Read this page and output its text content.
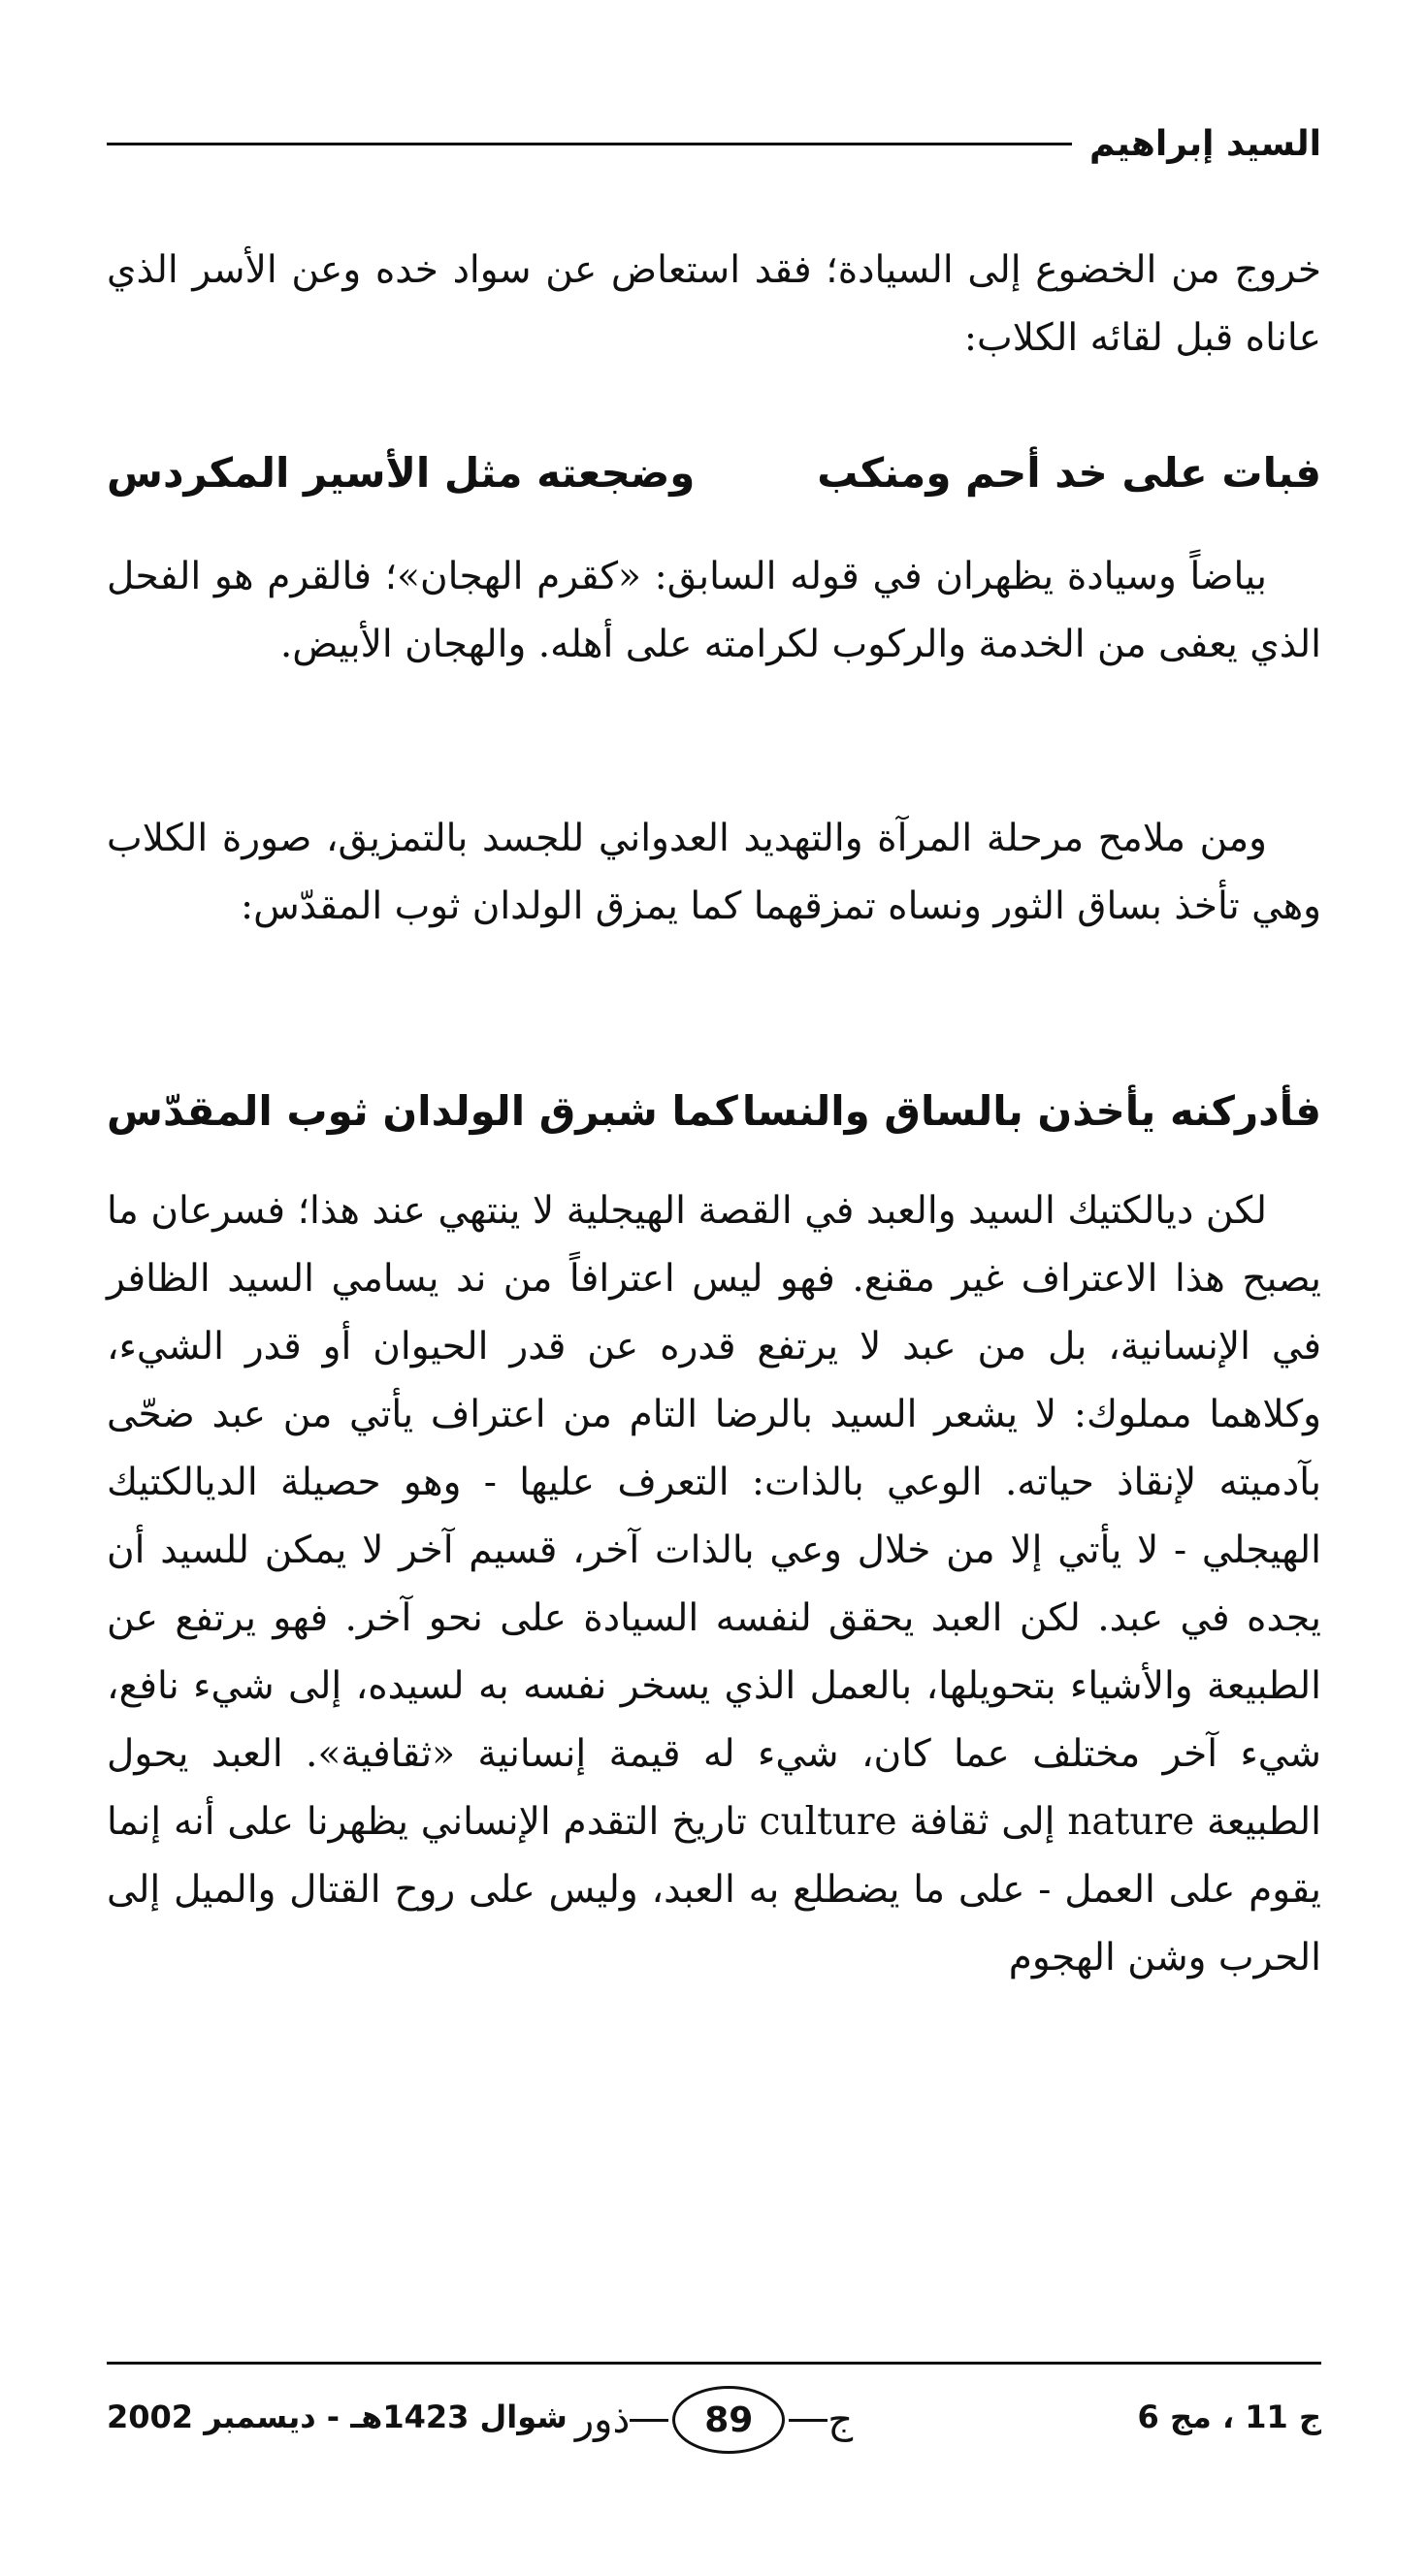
السيد إبراهيم

خروج من الخضوع إلى السيادة؛ فقد استعاض عن سواد خده وعن الأسر الذي عاناه قبل لقائه الكلاب:

فبات على خد أحم ومنكب
وضجعته مثل الأسير المكردس

بياضاً وسيادة يظهران في قوله السابق: «كقرم الهجان»؛ فالقرم هو الفحل الذي يعفى من الخدمة والركوب لكرامته على أهله. والهجان الأبيض.

ومن ملامح مرحلة المرآة والتهديد العدواني للجسد بالتمزيق، صورة الكلاب وهي تأخذ بساق الثور ونساه تمزقهما كما يمزق الولدان ثوب المقدّس:

فأدركنه يأخذن بالساق والنسا
كما شبرق الولدان ثوب المقدّس

لكن ديالكتيك السيد والعبد في القصة الهيجلية لا ينتهي عند هذا؛ فسرعان ما يصبح هذا الاعتراف غير مقنع. فهو ليس اعترافاً من ند يسامي السيد الظافر في الإنسانية، بل من عبد لا يرتفع قدره عن قدر الحيوان أو قدر الشيء، وكلاهما مملوك: لا يشعر السيد بالرضا التام من اعتراف يأتي من عبد ضحّى بآدميته لإنقاذ حياته. الوعي بالذات: التعرف عليها - وهو حصيلة الديالكتيك الهيجلي - لا يأتي إلا من خلال وعي بالذات آخر، قسيم آخر لا يمكن للسيد أن يجده في عبد. لكن العبد يحقق لنفسه السيادة على نحو آخر. فهو يرتفع عن الطبيعة والأشياء بتحويلها، بالعمل الذي يسخر نفسه به لسيده، إلى شيء نافع، شيء آخر مختلف عما كان، شيء له قيمة إنسانية «ثقافية». العبد يحول الطبيعة nature إلى ثقافة culture تاريخ التقدم الإنساني يظهرنا على أنه إنما يقوم على العمل - على ما يضطلع به العبد، وليس على روح القتال والميل إلى الحرب وشن الهجوم

ج 11 ، مج 6
ج
89
ذور
شوال 1423هـ - ديسمبر 2002
